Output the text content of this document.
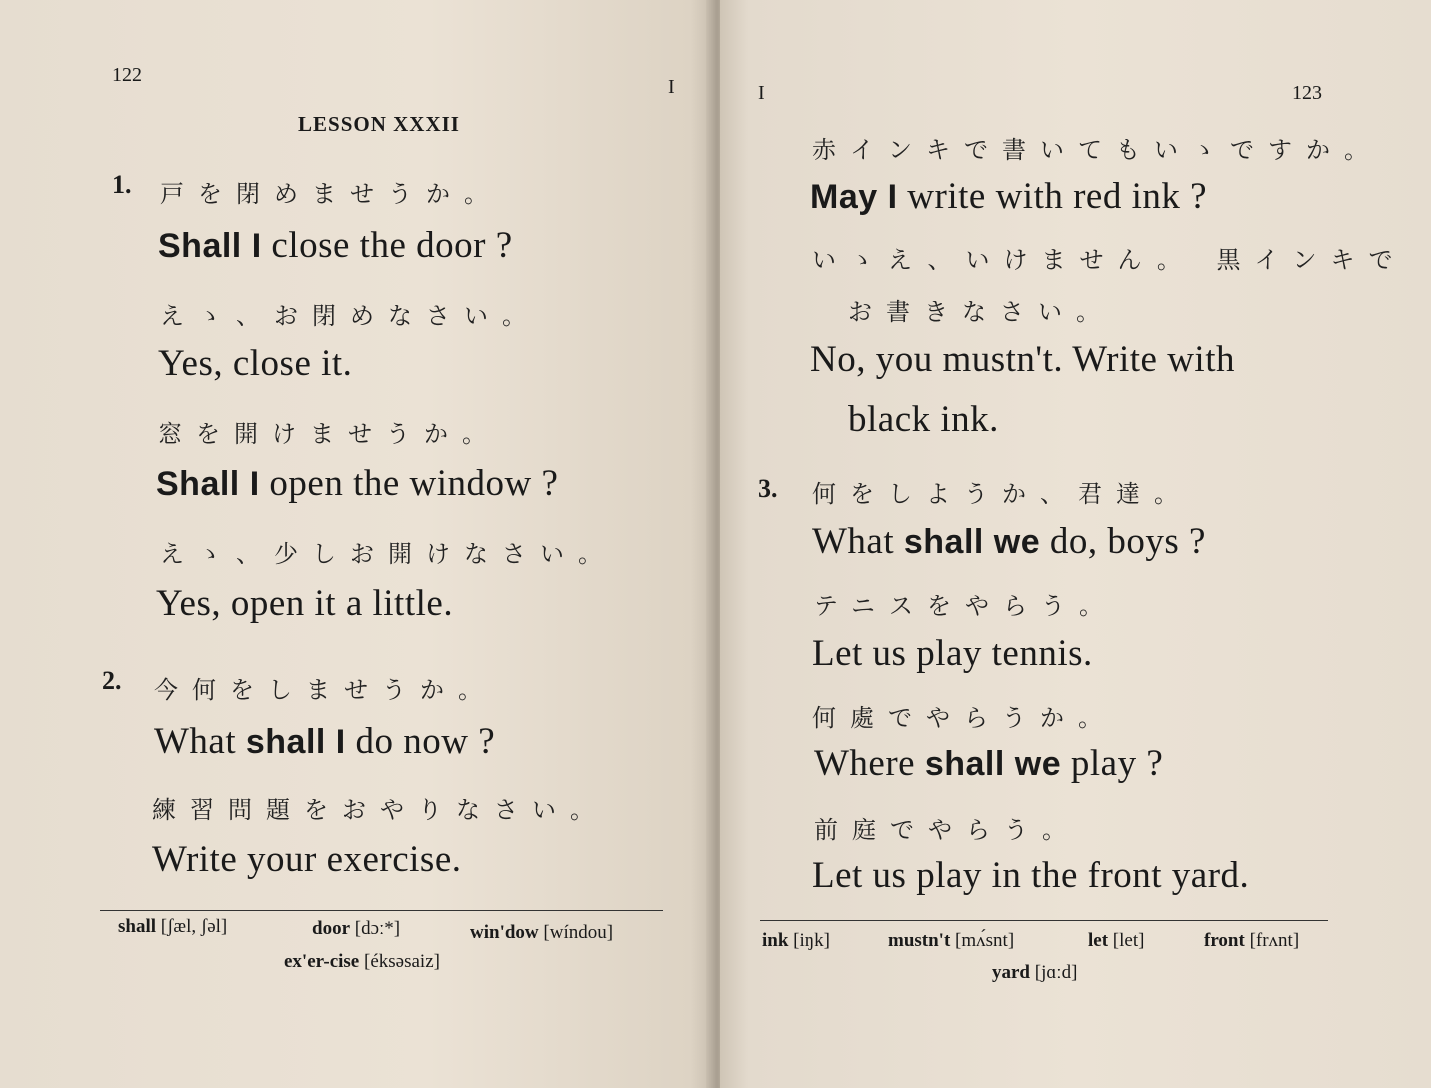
122
I
LESSON XXXII
1. 戸を閉めませうか。
Shall I close the door ?
えゝ、お閉めなさい。
Yes, close it.
窓を開けませうか。
Shall I open the window ?
えゝ、少しお開けなさい。
Yes, open it a little.
2. 今何をしませうか。
What shall I do now ?
練習問題をおやりなさい。
Write your exercise.
shall [ʃæl, ʃəl]	door [dɔː*]	win'dow [wíndou]
ex'er-cise [éksəsaiz]
I	123
赤インキで書いてもいゝですか。
May I write with red ink ?
いゝえ、いけません。 黒インキで
お書きなさい。
No, you mustn't. Write with
black ink.
3. 何をしようか、君達。
What shall we do, boys ?
テニスをやらう。
Let us play tennis.
何處でやらうか。
Where shall we play ?
前庭でやらう。
Let us play in the front yard.
ink [iŋk]	mustn't [mʌ́snt]	let [let]	front [frʌnt]
yard [jɑːd]
